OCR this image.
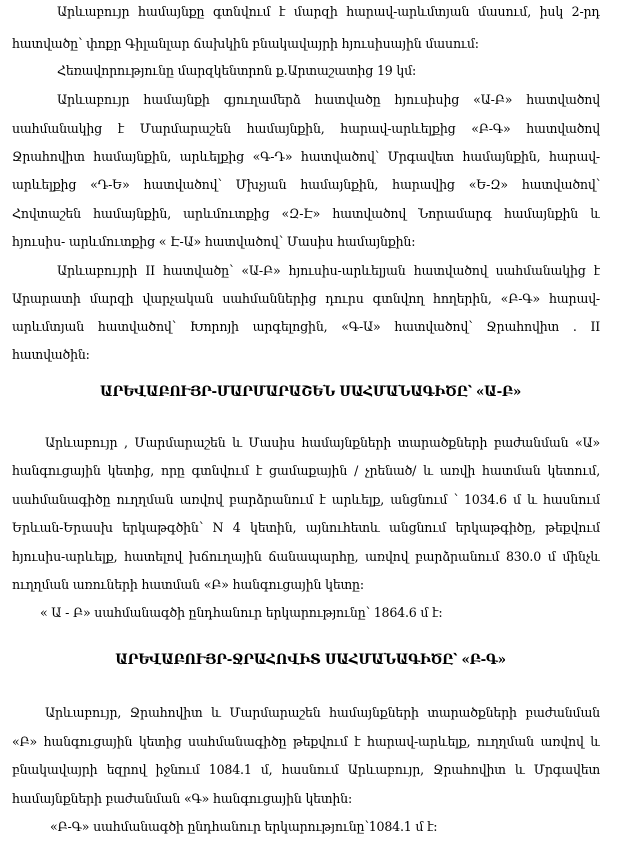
Արևաբույր համայնքը գտնվում է մարզի հարավ-արևմտյան մասում, իսկ 2-րդ
հատվածը՝ փոքր Գիլանլար ճախկին բնակավայրի հյուսիսային մասում:
Հեռավորությունը մարզկենտրոն ք.Արտաշատից 19 կմ:
Արևաբույր համայնքի գյուղամերձ հատվածը հյուսիսից «Ա-Բ» հատվածով
սահմանակից է Մարմարաշեն համայնքին, հարավ-արևելքից «Բ-Գ» հատվածով
Ջրահովիտ համայնքին, արևելքից «Գ-Դ» հատվածով՝ Մրգավետ համայնքին, հարավ-
արևելքից «Դ-Ե» հատվածով՝ Մխչյան համայնքին, հարավից «Ե-Զ» հատվածով՝
Հովտաշեն համայնքին, արևմուտքից «Զ-Է» հատվածով Նորամարգ համայնքին և
հյուսիս- արևմուտքից « Է-Ա» հատվածով՝ Մասիս համայնքին:
Արևաբույրի II հատվածը՝ «Ա-Բ» հյուսիս-արևելյան հատվածով սահմանակից է
Արարատի մարզի վարչական սահմաններից դուրս գտնվող հողերին, «Բ-Գ» հարավ-
արևմտյան հատվածով՝ Խորոյի արգելոցին, «Գ-Ա» հատվածով՝ Ջրահովիտ . II
հատվածին:
ԱՐԵՎԱԲՈՒՅՐ-ՄԱՐՄԱՐԱՇԵՆ ՍԱՀՄԱՆԱԳԻԾԸ՝ «Ա-Բ»
Արևաբույր , Մարմարաշեն և Մասիս համայնքների տարածքների բաժանման «Ա»
հանգուցային կետից, որը գտնվում է ցամաքային / չրենած/ և առվի հատման կետում,
սահմանագիծը ուղղման առվով բարձրանում է արևելք, անցնում ՝ 1034.6 մ և հասնում
Երևան-Երասխ երկաթգծին՝ N 4 կետին, այնուհետև անցնում երկաթգիծը, թեքվում
հյուսիս-արևելք, հատելով խճուղային ճանապարհը, առվով բարձրանում 830.0 մ մինչև
ուղղման առուների հատման «Բ» հանգուցային կետը:
« Ա - Բ» սահմանագծի ընդհանուր երկարությունը՝ 1864.6 մ է:
ԱՐԵՎԱԲՈՒՅՐ-ՋՐԱՀՈՎԻՏ ՍԱՀՄԱՆԱԳԻԾԸ՝ «Բ-Գ»
Արևաբույր, Ջրահովիտ և Մարմարաշեն համայնքների տարածքների բաժանման
«Բ» հանգուցային կետից սահմանագիծը թեքվում է հարավ-արևելք, ուղղման առվով և
բնակավայրի եզրով իջնում 1084.1 մ, հասնում Արևաբույր, Ջրահովիտ և Մրգավետ
համայնքների բաժանման «Գ» հանգուցային կետին:
«Բ-Գ» սահմանագծի ընդհանուր երկարությունը՝1084.1 մ է:
